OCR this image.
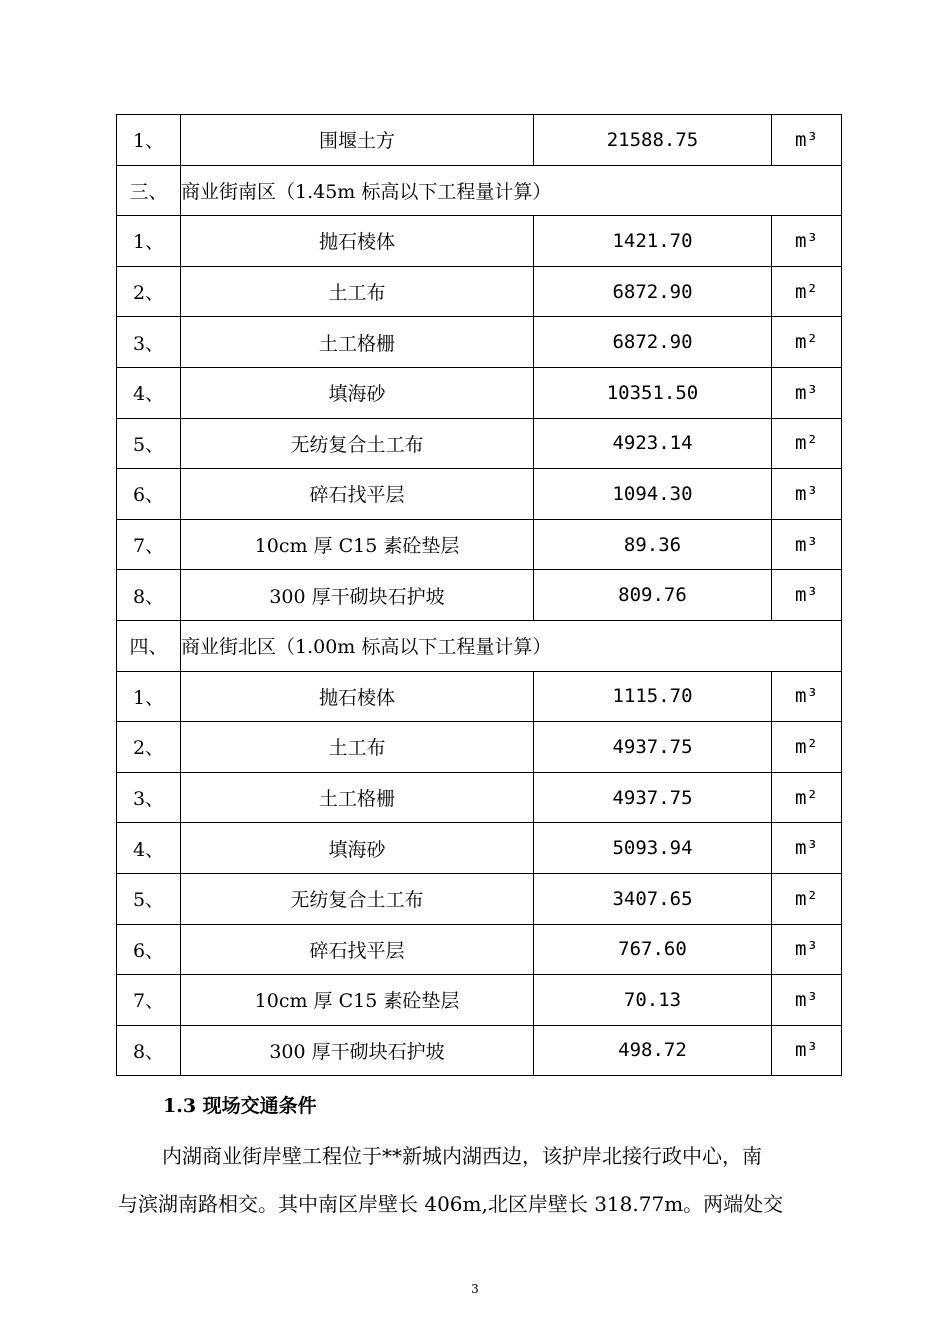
1、	围堰土方	21588.75	m³
三、	商业街南区（1.45m 标高以下工程量计算）		
1、	抛石棱体	1421.70	m³
2、	土工布	6872.90	m²
3、	土工格栅	6872.90	m²
4、	填海砂	10351.50	m³
5、	无纺复合土工布	4923.14	m²
6、	碎石找平层	1094.30	m³
7、	10cm 厚 C15 素砼垫层	89.36	m³
8、	300 厚干砌块石护坡	809.76	m³
四、	商业街北区（1.00m 标高以下工程量计算）		
1、	抛石棱体	1115.70	m³
2、	土工布	4937.75	m²
3、	土工格栅	4937.75	m²
4、	填海砂	5093.94	m³
5、	无纺复合土工布	3407.65	m²
6、	碎石找平层	767.60	m³
7、	10cm 厚 C15 素砼垫层	70.13	m³
8、	300 厚干砌块石护坡	498.72	m³
1.3 现场交通条件
内湖商业街岸壁工程位于**新城内湖西边，该护岸北接行政中心，南
与滨湖南路相交。其中南区岸壁长 406m,北区岸壁长 318.77m。两端处交
3
